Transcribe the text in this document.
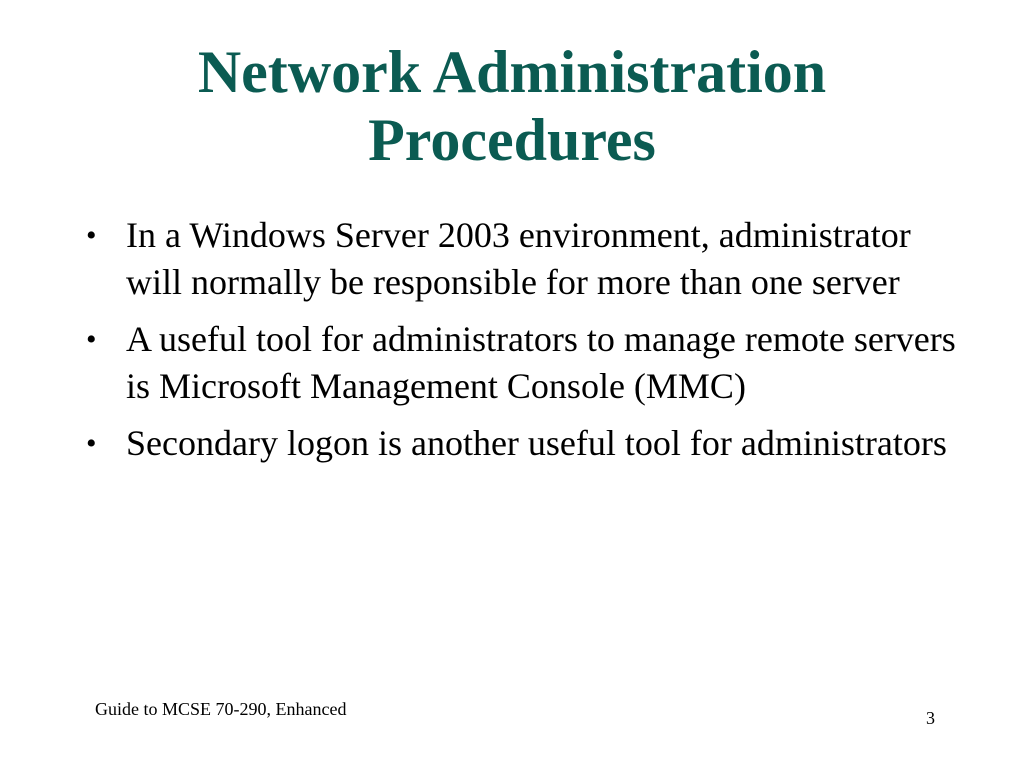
Network Administration
Procedures
• In a Windows Server 2003 environment, administrator will normally be responsible for more than one server
• A useful tool for administrators to manage remote servers is Microsoft Management Console (MMC)
• Secondary logon is another useful tool for administrators
Guide to MCSE 70-290, Enhanced	3
